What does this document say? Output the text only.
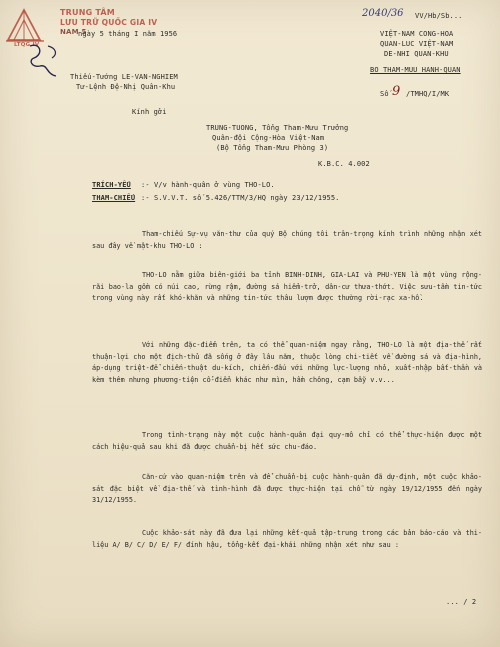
TRUNG TÂM
LƯU TRỮ QUỐC GIA IV
NAM 5
LTQG.IV
2040/36
ngày 5 tháng I năm 1956
Thiếu-Tướng LE-VAN-NGHIEM
Tư-Lệnh Đệ-Nhị Quân-Khu
VV/Hb/Sb...
VIỆT-NAM CONG-HOA
QUAN-LUC VIỆT-NAM
DE-NHI QUAN-KHU
BO THAM-MUU HANH-QUAN
Số 9 /TMHQ/I/MK
Kính gởi
TRUNG-TUONG, Tổng Tham-Mưu Trưởng
Quân-đội Cộng-Hòa Việt-Nam
(Bộ Tổng Tham-Mưu Phòng 3)
K.B.C. 4.002
TRÍCH-YẾU :- V/v hành-quân ở vùng THO-LO.
THAM-CHIẾU :- S.V.V.T. số 5.426/TTM/3/HQ ngày 23/12/1955.
Tham-chiếu Sự-vụ văn-thư của quý Bộ chúng tôi trân-trọng kính trình những nhận xét sau đây về mật-khu THO-LO :
THO-LO nằm giữa biên-giới ba tỉnh BINH-DINH, GIA-LAI và PHU-YEN là một vùng rộng-rãi bao-la gồm có núi cao, rừng rậm, đường sá hiểm-trở, dân-cư thưa-thớt. Việc sưu-tầm tin-tức trong vùng này rất khó-khăn và những tin-tức thâu lượm được thường rời-rạc xa-hồ.
Với những đặc-điểm trên, ta có thể quan-niệm ngay rằng, THO-LO là một địa-thế rất thuận-lợi cho một địch-thủ đã sống ở đây lâu năm, thuộc lòng chi-tiết về đường sá và địa-hình, áp-dụng triệt-để chiến-thuật du-kích, chiến-đấu với những lực-lượng nhỏ, xuất-nhập bất-thần và kèm thêm nhưng phương-tiện cổ-điển khác như mìn, hầm chông, cạm bẫy v.v...
Trong tình-trạng này một cuộc hành-quân đại quy-mô chỉ có thể thực-hiện được một cách hiệu-quả sau khi đã được chuẩn-bị hết sức chu-đáo.
Căn-cứ vào quan-niệm trên và để chuẩn-bị cuộc hành-quân đã dự-định, một cuộc khảo-sát đặc biệt về địa-thế và tình-hình đã được thực-hiện tại chỗ từ ngày 19/12/1955 đến ngày 31/12/1955.
Cuộc khảo-sát này đã đưa lại những kết-quả tập-trung trong các bản báo-cáo và thi-liệu A/ B/ C/ D/ E/ F/ đính hậu, tổng-kết đại-khái những nhận xét như sau :
... / 2
